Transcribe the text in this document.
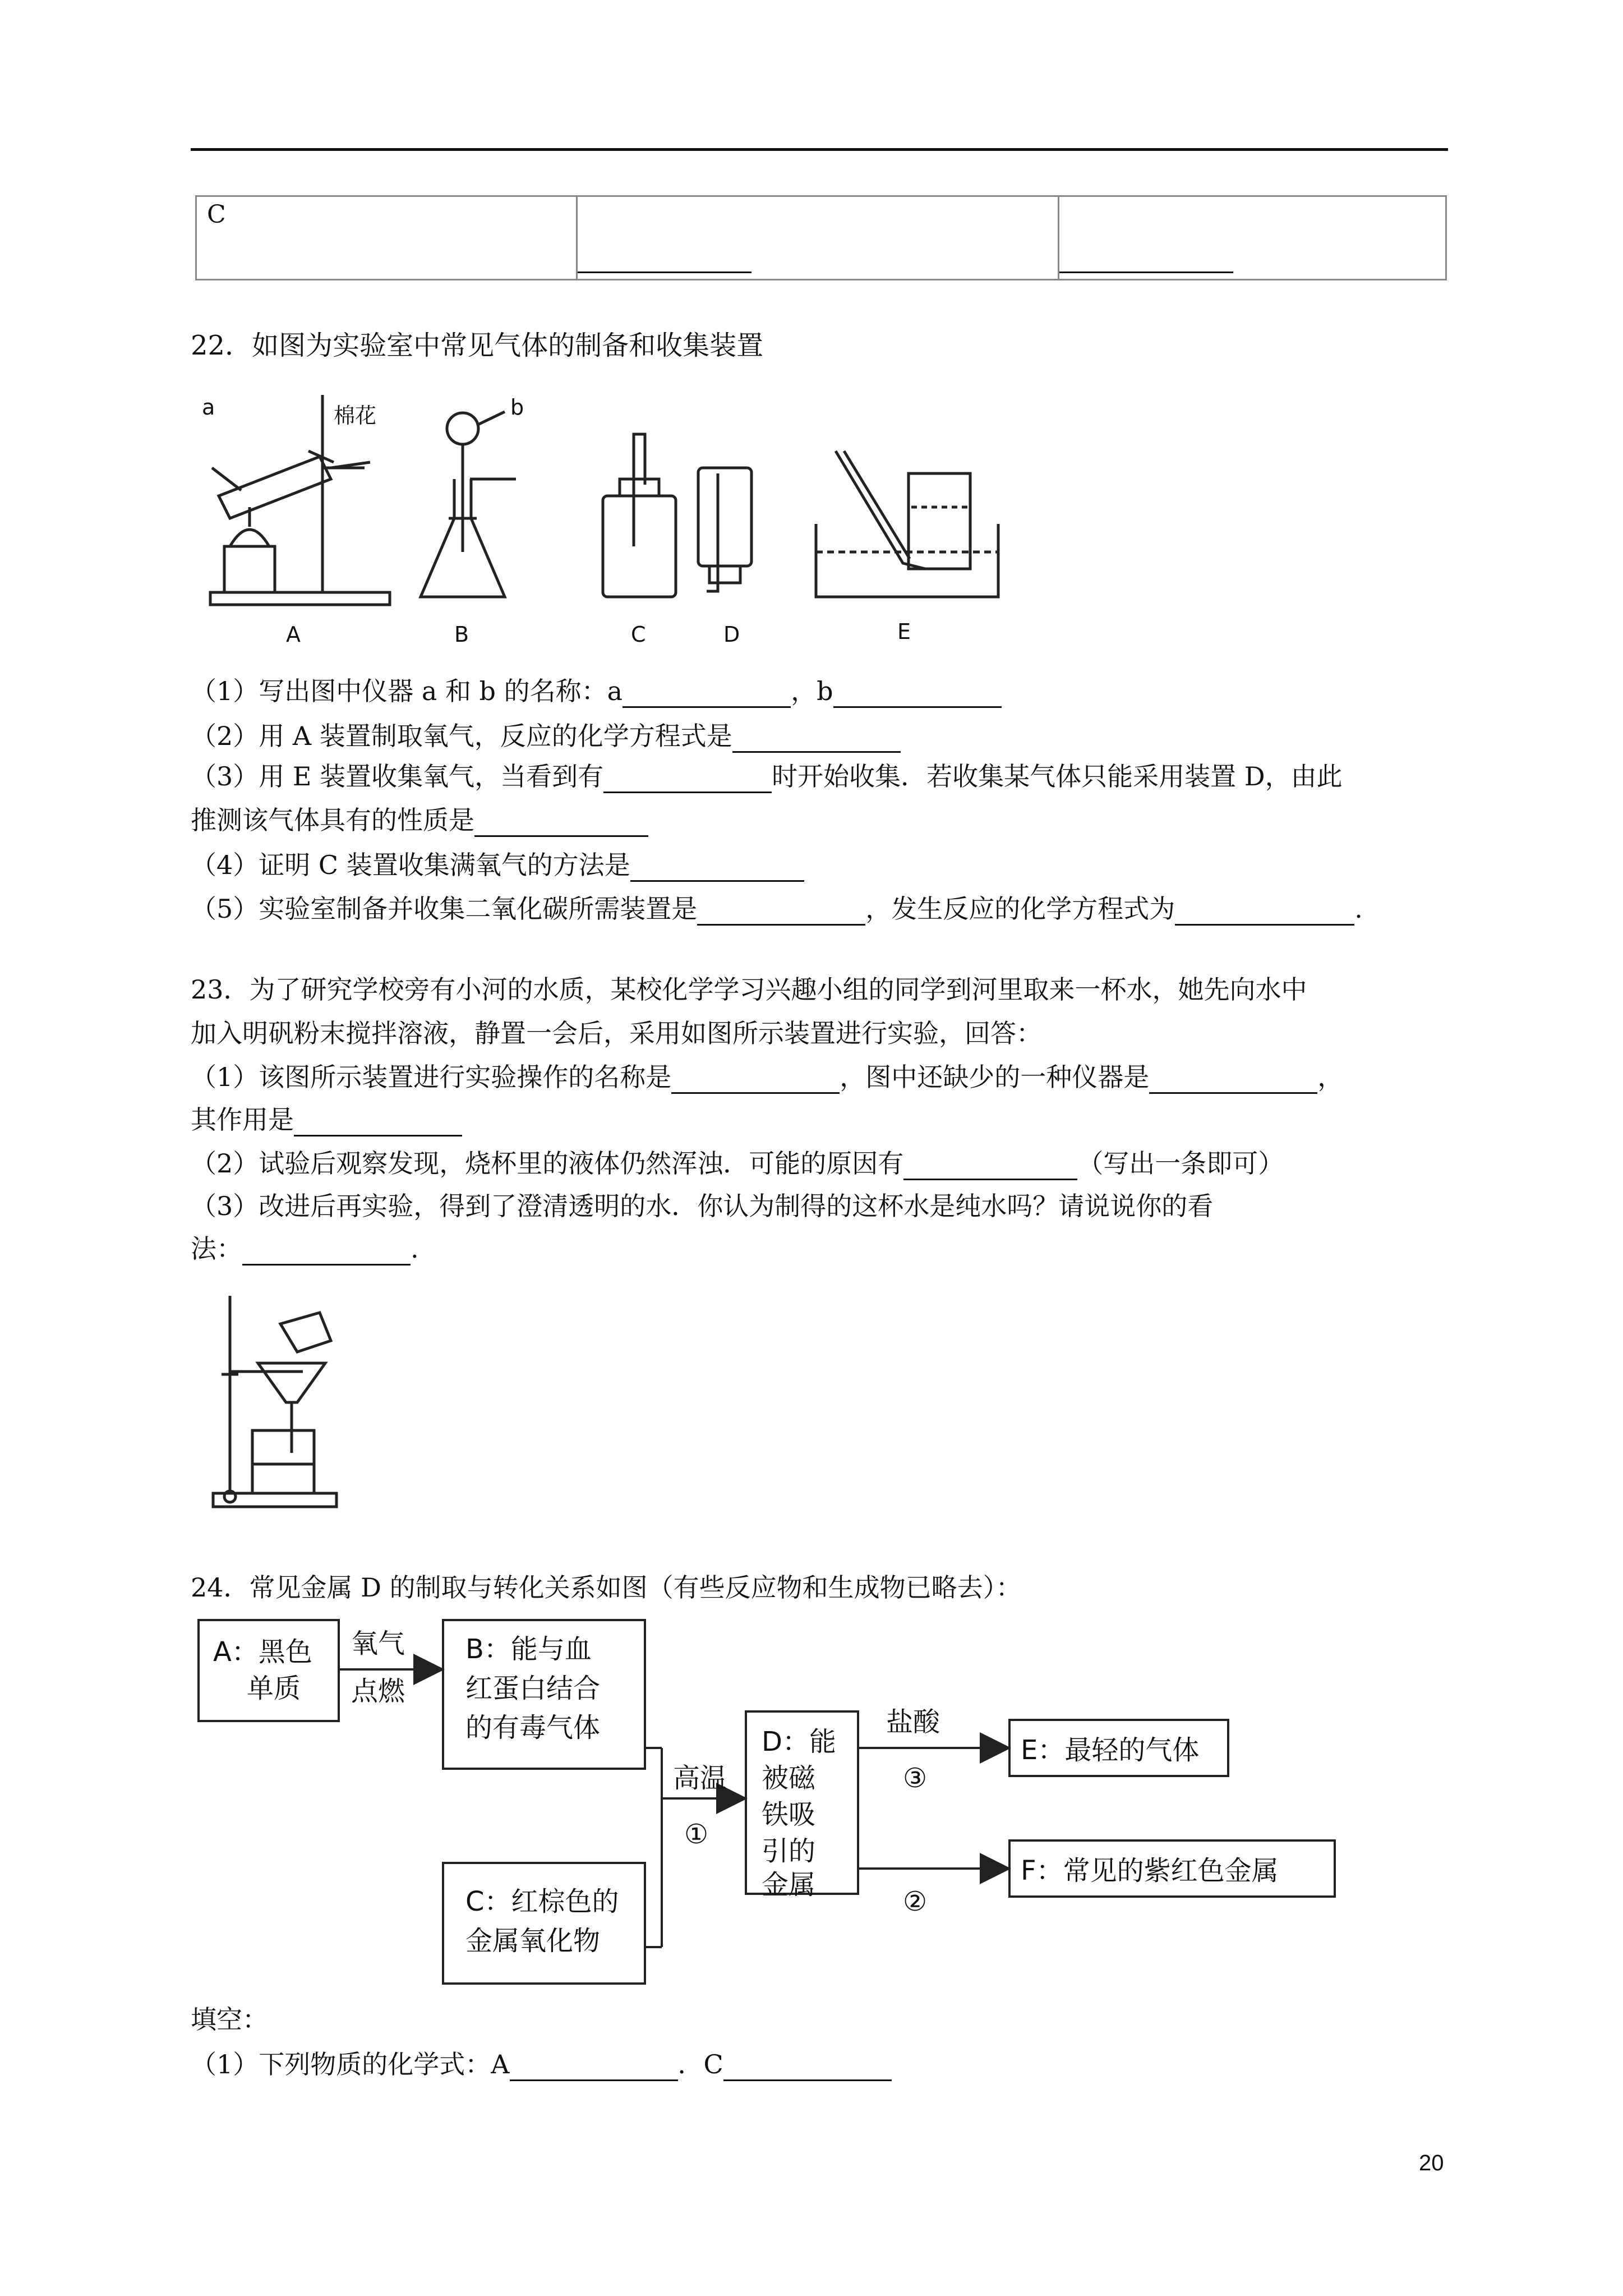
C	

22．如图为实验室中常见气体的制备和收集装置
a	棉花	b
A	B	C	D	E
（1）写出图中仪器 a 和 b 的名称：a	，b
（2）用 A 装置制取氧气，反应的化学方程式是
（3）用 E 装置收集氧气，当看到有	时开始收集．若收集某气体只能采用装置 D，由此
推测该气体具有的性质是
（4）证明 C 装置收集满氧气的方法是
（5）实验室制备并收集二氧化碳所需装置是	，发生反应的化学方程式为	.
23．为了研究学校旁有小河的水质，某校化学学习兴趣小组的同学到河里取来一杯水，她先向水中
加入明矾粉末搅拌溶液，静置一会后，采用如图所示装置进行实验，回答：
（1）该图所示装置进行实验操作的名称是	，图中还缺少的一种仪器是	，
其作用是
（2）试验后观察发现，烧杯里的液体仍然浑浊．可能的原因有	（写出一条即可）
（3）改进后再实验，得到了澄清透明的水．你认为制得的这杯水是纯水吗？请说说你的看
法：	.
24．常见金属 D 的制取与转化关系如图（有些反应物和生成物已略去）：
A：黑色
单质
氧气
点燃
B：能与血
红蛋白结合
的有毒气体
C：红棕色的
金属氧化物
高温
①
D：能
被磁
铁吸
引的
金属
盐酸
③
②
E：最轻的气体
F：常见的紫红色金属
填空：
（1）下列物质的化学式：A	．C
20
